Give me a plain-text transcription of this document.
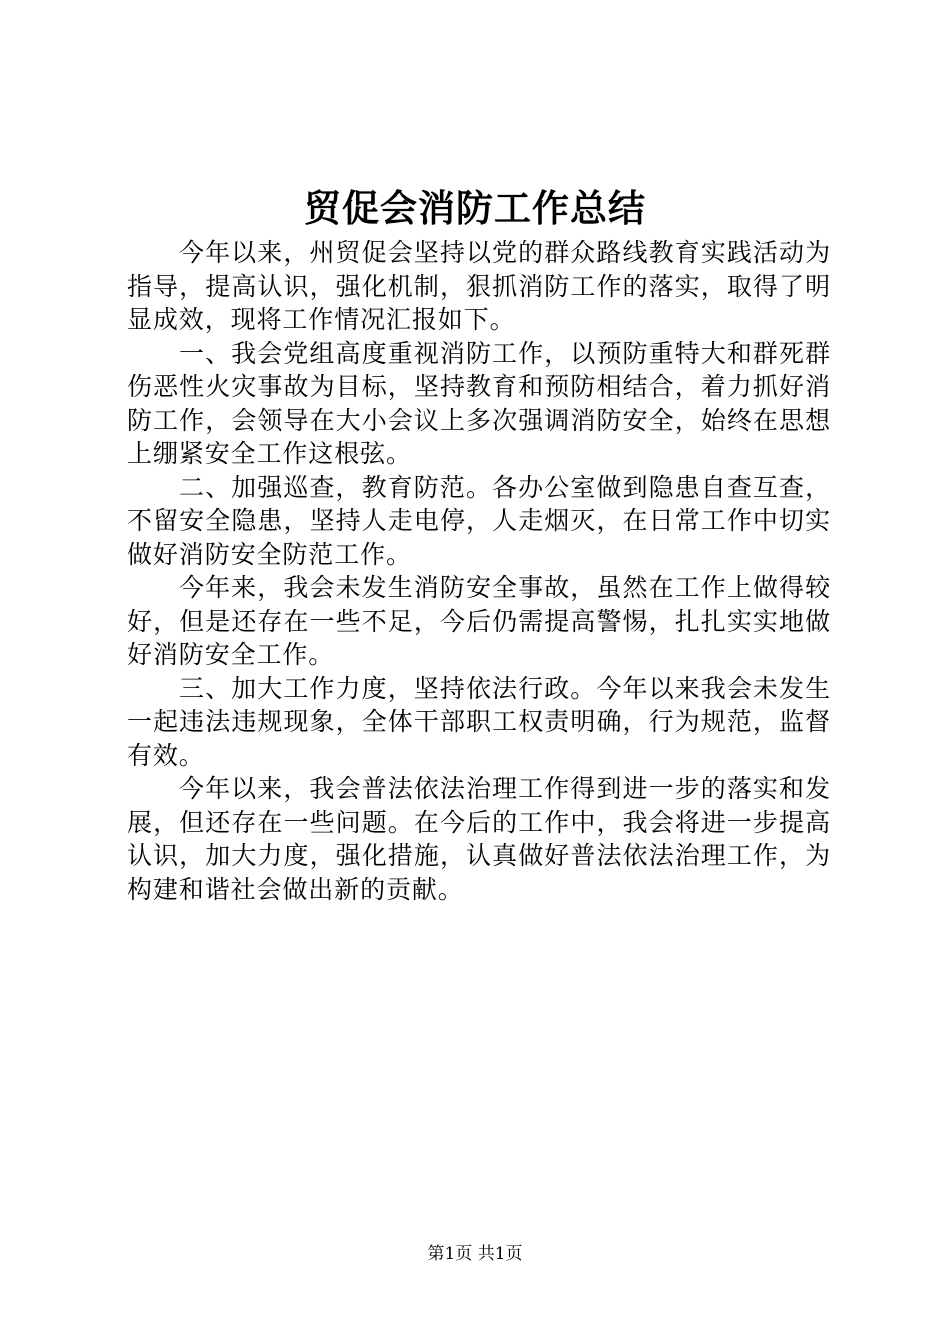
贸促会消防工作总结

今年以来，州贸促会坚持以党的群众路线教育实践活动为指导，提高认识，强化机制，狠抓消防工作的落实，取得了明显成效，现将工作情况汇报如下。

一、我会党组高度重视消防工作，以预防重特大和群死群伤恶性火灾事故为目标，坚持教育和预防相结合，着力抓好消防工作，会领导在大小会议上多次强调消防安全，始终在思想上绷紧安全工作这根弦。

二、加强巡查，教育防范。各办公室做到隐患自查互查，不留安全隐患，坚持人走电停，人走烟灭，在日常工作中切实做好消防安全防范工作。

今年来，我会未发生消防安全事故，虽然在工作上做得较好，但是还存在一些不足，今后仍需提高警惕，扎扎实实地做好消防安全工作。

三、加大工作力度，坚持依法行政。今年以来我会未发生一起违法违规现象，全体干部职工权责明确，行为规范，监督有效。

今年以来，我会普法依法治理工作得到进一步的落实和发展，但还存在一些问题。在今后的工作中，我会将进一步提高认识，加大力度，强化措施，认真做好普法依法治理工作，为构建和谐社会做出新的贡献。

第1页 共1页
